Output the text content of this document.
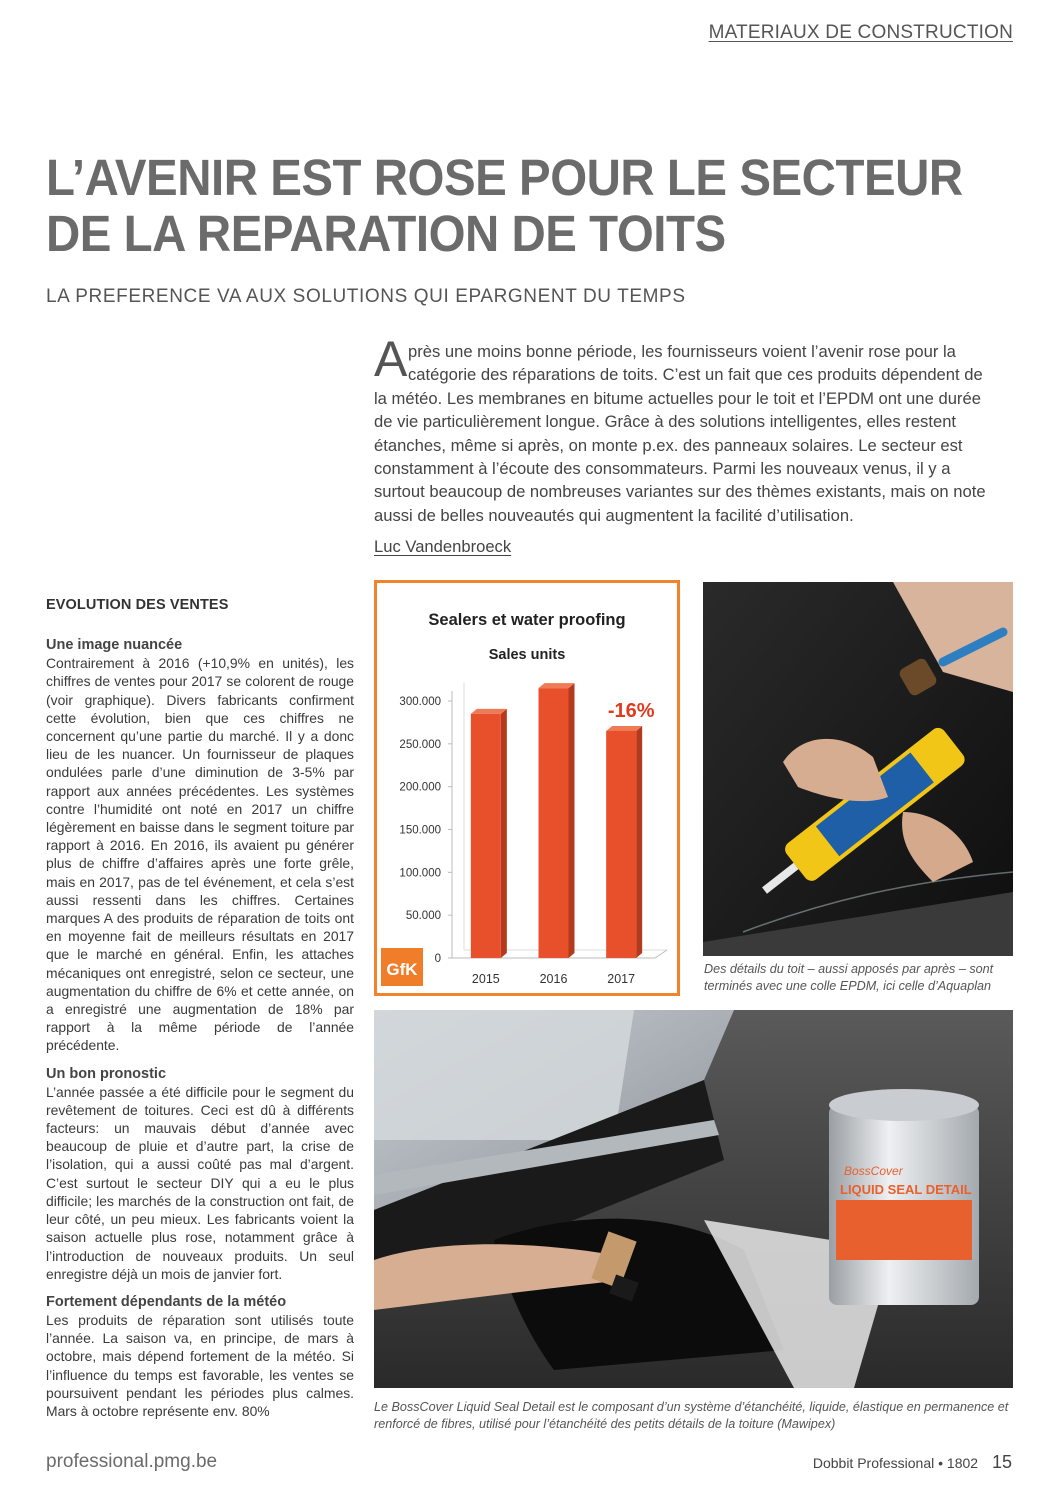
MATERIAUX DE CONSTRUCTION
L’AVENIR EST ROSE POUR LE SECTEUR
DE LA REPARATION DE TOITS
LA PREFERENCE VA AUX SOLUTIONS QUI EPARGNENT DU TEMPS
A près une moins bonne période, les fournisseurs voient l’avenir rose pour la
catégorie des réparations de toits. C’est un fait que ces produits dépendent de
la météo. Les membranes en bitume actuelles pour le toit et l’EPDM ont une durée
de vie particulièrement longue. Grâce à des solutions intelligentes, elles restent
étanches, même si après, on monte p.ex. des panneaux solaires. Le secteur est
constamment à l’écoute des consommateurs. Parmi les nouveaux venus, il y a
surtout beaucoup de nombreuses variantes sur des thèmes existants, mais on note
aussi de belles nouveautés qui augmentent la facilité d’utilisation.
Luc Vandenbroeck
EVOLUTION DES VENTES
Une image nuancée

Contrairement à 2016 (+10,9% en unités), les chiffres de ventes pour 2017 se colorent de rouge (voir graphique). Divers fabricants confirment cette évolution, bien que ces chiffres ne concernent qu’une partie du marché. Il y a donc lieu de les nuancer. Un fournisseur de plaques ondulées parle d’une diminution de 3-5% par rapport aux années précédentes. Les systèmes contre l’humidité ont noté en 2017 un chiffre légèrement en baisse dans le segment toiture par rapport à 2016. En 2016, ils avaient pu générer plus de chiffre d’affaires après une forte grêle, mais en 2017, pas de tel événement, et cela s’est aussi ressenti dans les chiffres. Certaines marques A des produits de réparation de toits ont en moyenne fait de meilleurs résultats en 2017 que le marché en général. Enfin, les attaches mécaniques ont enregistré, selon ce secteur, une augmentation du chiffre de 6% et cette année, on a enregistré une augmentation de 18% par rapport à la même période de l’année précédente.

Un bon pronostic

L’année passée a été difficile pour le segment du revêtement de toitures. Ceci est dû à différents facteurs: un mauvais début d’année avec beaucoup de pluie et d’autre part, la crise de l’isolation, qui a aussi coûté pas mal d’argent. C’est surtout le secteur DIY qui a eu le plus difficile; les marchés de la construction ont fait, de leur côté, un peu mieux. Les fabricants voient la saison actuelle plus rose, notamment grâce à l’introduction de nouveaux produits. Un seul enregistre déjà un mois de janvier fort.

Fortement dépendants de la météo

Les produits de réparation sont utilisés toute l’année. La saison va, en principe, de mars à octobre, mais dépend fortement de la météo. Si l’influence du temps est favorable, les ventes se poursuivent pendant les périodes plus calmes. Mars à octobre représente env. 80%

Sealers et water proofing
Sales units
0
50.000
100.000
150.000
200.000
250.000
300.000
2015	2016	2017
-16%
GfK	Des détails du toit – aussi apposés par après – sont terminés avec une colle EPDM, ici celle d’Aquaplan
BossCover
LIQUID SEAL DETAIL
Le BossCover Liquid Seal Detail est le composant d’un système d’étanchéité, liquide, élastique en permanence et renforcé de fibres, utilisé pour l’étanchéité des petits détails de la toiture (Mawipex)
professional.pmg.be	Dobbit Professional • 1802 15
